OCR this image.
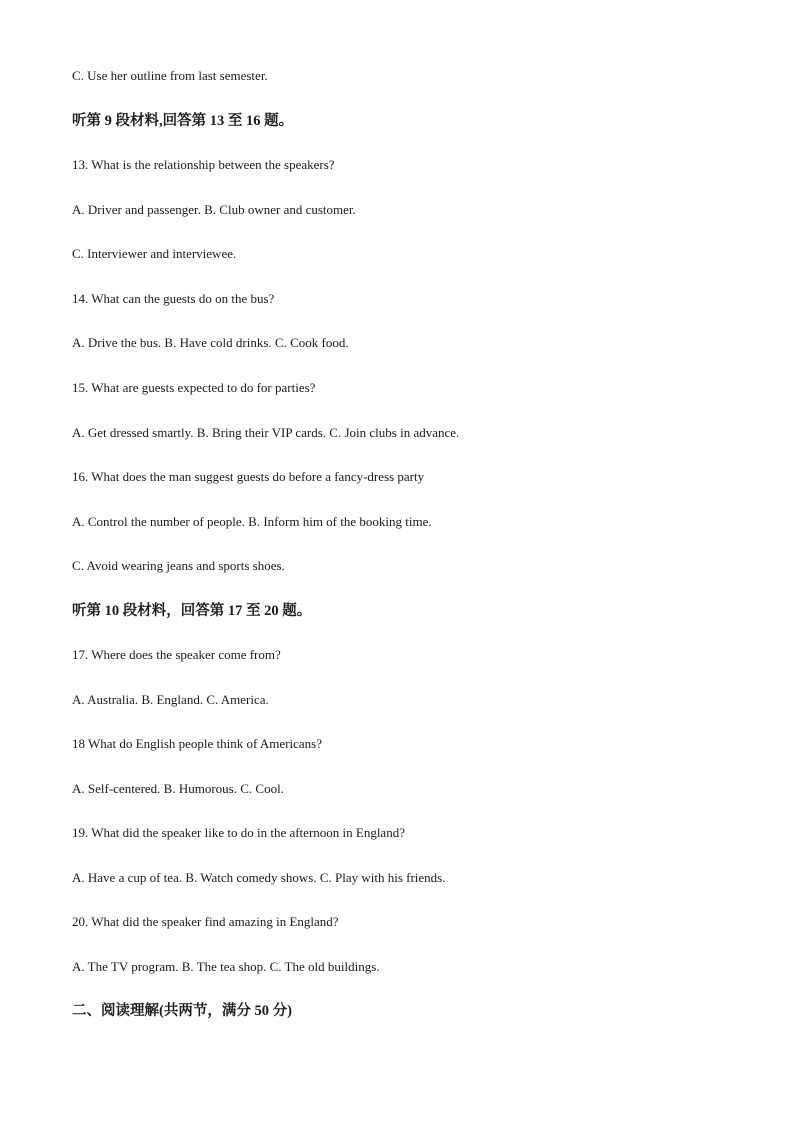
C. Use her outline from last semester.
听第 9 段材料,回答第 13 至 16 题。
13. What is the relationship between the speakers?
A. Driver and passenger. B. Club owner and customer.
C. Interviewer and interviewee.
14. What can the guests do on the bus?
A. Drive the bus. B. Have cold drinks. C. Cook food.
15. What are guests expected to do for parties?
A. Get dressed smartly. B. Bring their VIP cards. C. Join clubs in advance.
16. What does the man suggest guests do before a fancy-dress party
A. Control the number of people. B. Inform him of the booking time.
C. Avoid wearing jeans and sports shoes.
听第 10 段材料，回答第 17 至 20 题。
17. Where does the speaker come from?
A. Australia. B. England. C. America.
18 What do English people think of Americans?
A. Self-centered. B. Humorous. C. Cool.
19. What did the speaker like to do in the afternoon in England?
A. Have a cup of tea. B. Watch comedy shows. C. Play with his friends.
20. What did the speaker find amazing in England?
A. The TV program. B. The tea shop. C. The old buildings.
二、阅读理解(共两节，满分 50 分)
